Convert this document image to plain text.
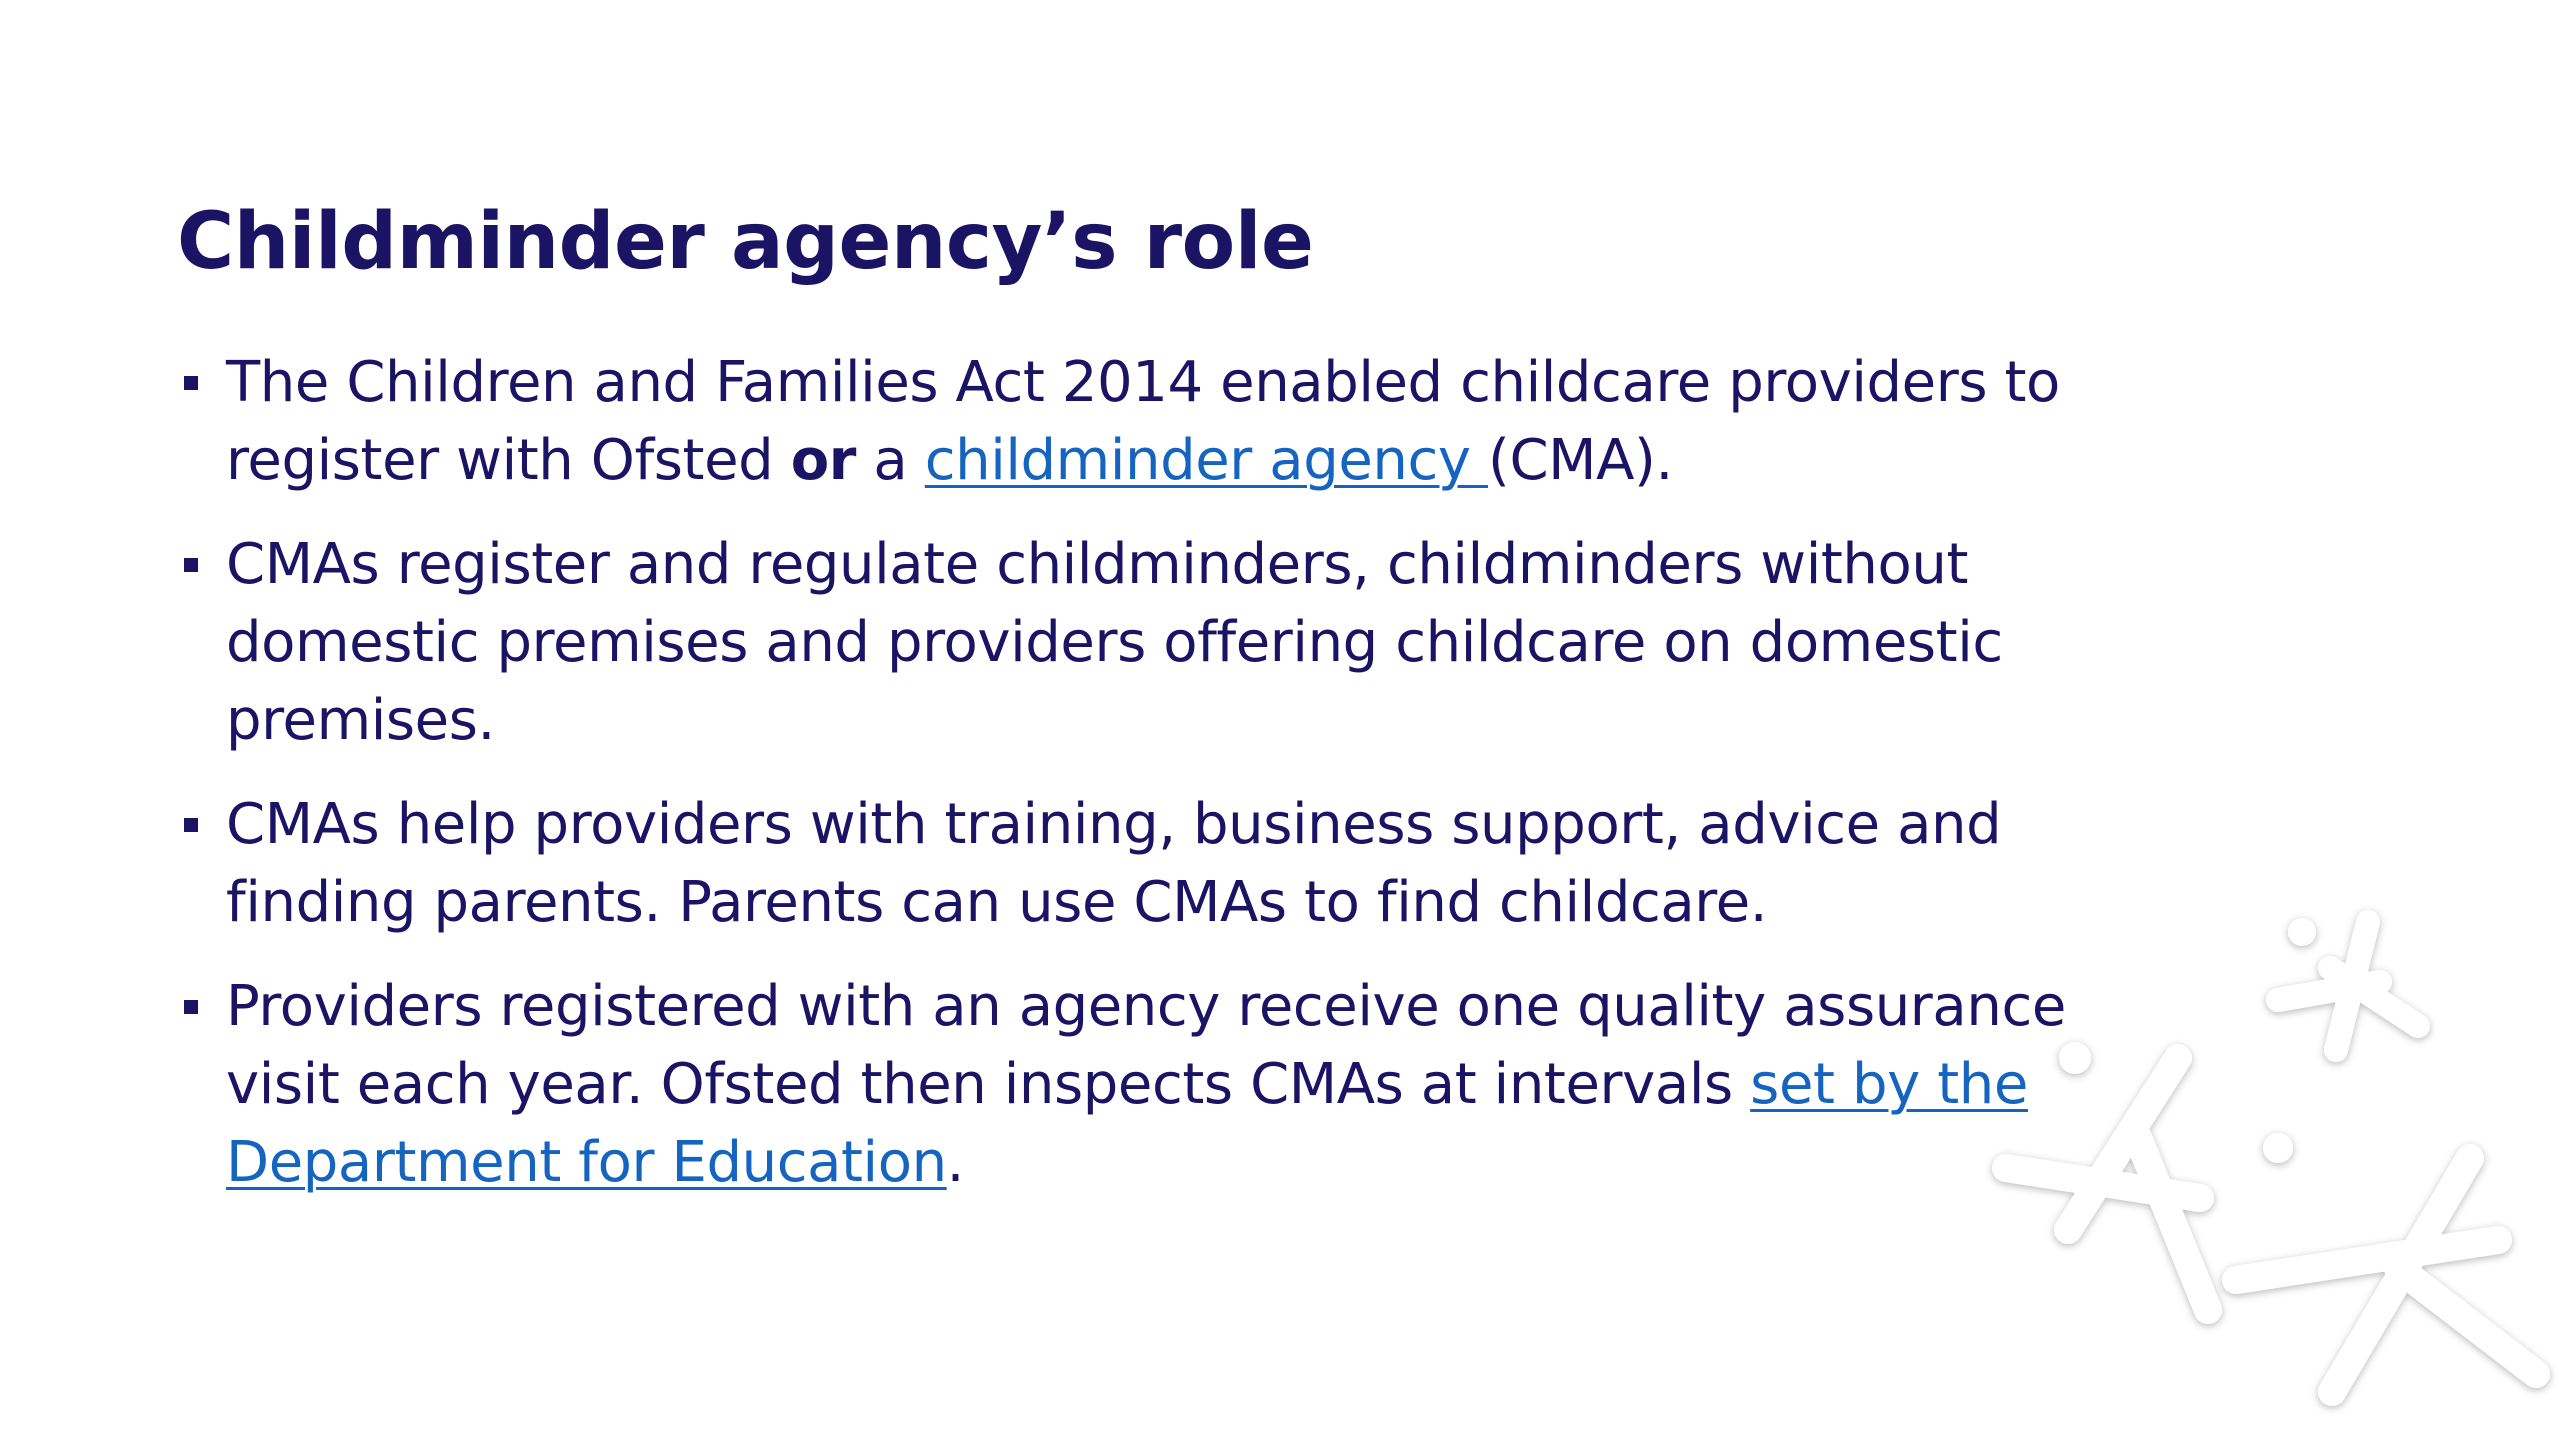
Childminder agency’s role
The Children and Families Act 2014 enabled childcare providers to register with Ofsted or a childminder agency (CMA).
CMAs register and regulate childminders, childminders without domestic premises and providers offering childcare on domestic premises.
CMAs help providers with training, business support, advice and finding parents. Parents can use CMAs to find childcare.
Providers registered with an agency receive one quality assurance visit each year. Ofsted then inspects CMAs at intervals set by the Department for Education.
